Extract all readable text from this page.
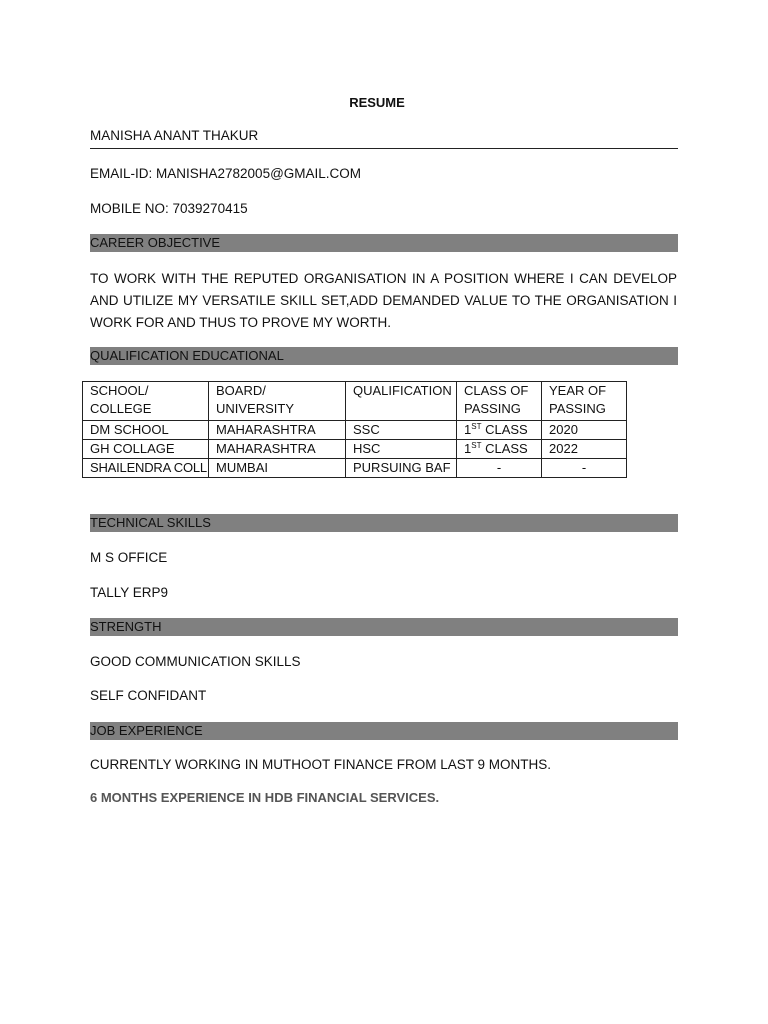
RESUME
MANISHA ANANT THAKUR
EMAIL-ID: MANISHA2782005@GMAIL.COM
MOBILE NO: 7039270415
CAREER OBJECTIVE
TO WORK WITH THE REPUTED ORGANISATION IN A POSITION WHERE I CAN DEVELOP AND UTILIZE MY VERSATILE SKILL SET,ADD DEMANDED VALUE TO THE ORGANISATION I WORK FOR AND THUS TO PROVE MY WORTH.
QUALIFICATION EDUCATIONAL
SCHOOL/ COLLEGE	BOARD/ UNIVERSITY	QUALIFICATION	CLASS OF PASSING	YEAR OF PASSING
DM SCHOOL	MAHARASHTRA	SSC	1ST CLASS	2020
GH COLLAGE	MAHARASHTRA	HSC	1ST CLASS	2022
SHAILENDRA COLL	MUMBAI	PURSUING BAF	-	-
TECHNICAL SKILLS
M S OFFICE
TALLY ERP9
STRENGTH
GOOD COMMUNICATION SKILLS
SELF CONFIDANT
JOB EXPERIENCE
CURRENTLY WORKING IN MUTHOOT FINANCE FROM LAST 9 MONTHS.
6 MONTHS EXPERIENCE IN HDB FINANCIAL SERVICES.
